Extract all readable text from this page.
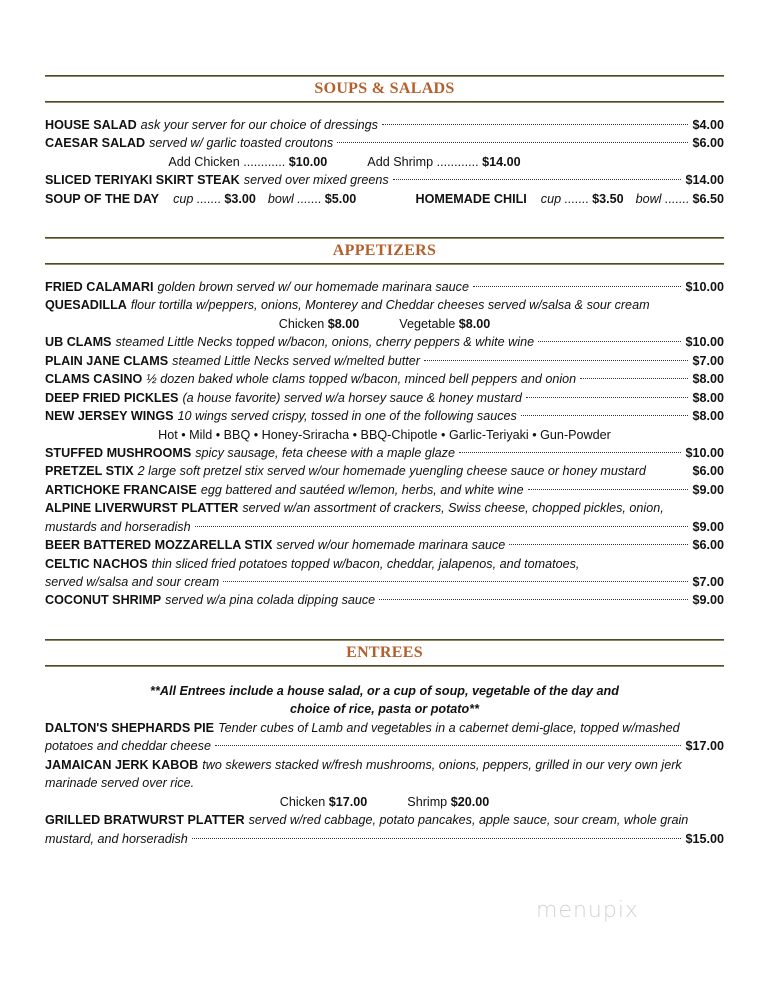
SOUPS & SALADS
HOUSE SALAD ask your server for our choice of dressings	$4.00
CAESAR SALAD served w/ garlic toasted croutons	$6.00
Add Chicken ............ $10.00	Add Shrimp ............ $14.00
SLICED TERIYAKI SKIRT STEAK served over mixed greens	$14.00
SOUP OF THE DAY cup ....... $3.00 bowl ....... $5.00	HOMEMADE CHILI cup ....... $3.50 bowl ....... $6.50
APPETIZERS
FRIED CALAMARI golden brown served w/ our homemade marinara sauce	$10.00
QUESADILLA flour tortilla w/peppers, onions, Monterey and Cheddar cheeses served w/salsa & sour cream
Chicken $8.00	Vegetable $8.00
UB CLAMS steamed Little Necks topped w/bacon, onions, cherry peppers & white wine	$10.00
PLAIN JANE CLAMS steamed Little Necks served w/melted butter	$7.00
CLAMS CASINO ½ dozen baked whole clams topped w/bacon, minced bell peppers and onion	$8.00
DEEP FRIED PICKLES (a house favorite) served w/a horsey sauce & honey mustard	$8.00
NEW JERSEY WINGS 10 wings served crispy, tossed in one of the following sauces	$8.00
Hot • Mild • BBQ • Honey-Sriracha • BBQ-Chipotle • Garlic-Teriyaki • Gun-Powder
STUFFED MUSHROOMS spicy sausage, feta cheese with a maple glaze	$10.00
PRETZEL STIX 2 large soft pretzel stix served w/our homemade yuengling cheese sauce or honey mustard	$6.00
ARTICHOKE FRANCAISE egg battered and sautéed w/lemon, herbs, and white wine	$9.00
ALPINE LIVERWURST PLATTER served w/an assortment of crackers, Swiss cheese, chopped pickles, onion,
mustards and horseradish	$9.00
BEER BATTERED MOZZARELLA STIX served w/our homemade marinara sauce	$6.00
CELTIC NACHOS thin sliced fried potatoes topped w/bacon, cheddar, jalapenos, and tomatoes,
served w/salsa and sour cream	$7.00
COCONUT SHRIMP served w/a pina colada dipping sauce	$9.00
ENTREES
**All Entrees include a house salad, or a cup of soup, vegetable of the day and
choice of rice, pasta or potato**
DALTON'S SHEPHARDS PIE Tender cubes of Lamb and vegetables in a cabernet demi-glace, topped w/mashed
potatoes and cheddar cheese	$17.00
JAMAICAN JERK KABOB two skewers stacked w/fresh mushrooms, onions, peppers, grilled in our very own jerk
marinade served over rice.
Chicken $17.00	Shrimp $20.00
GRILLED BRATWURST PLATTER served w/red cabbage, potato pancakes, apple sauce, sour cream, whole grain
mustard, and horseradish	$15.00
menupix
